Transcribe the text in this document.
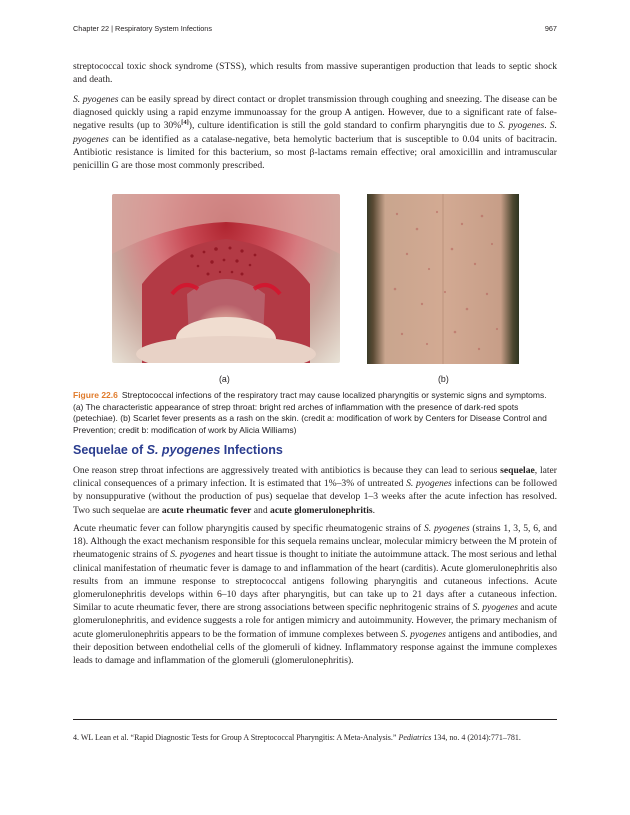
Chapter 22 | Respiratory System Infections	967

streptococcal toxic shock syndrome (STSS), which results from massive superantigen production that leads to septic shock and death.

S. pyogenes can be easily spread by direct contact or droplet transmission through coughing and sneezing. The disease can be diagnosed quickly using a rapid enzyme immunoassay for the group A antigen. However, due to a significant rate of false-negative results (up to 30%[4]), culture identification is still the gold standard to confirm pharyngitis due to S. pyogenes. S. pyogenes can be identified as a catalase-negative, beta hemolytic bacterium that is susceptible to 0.04 units of bacitracin. Antibiotic resistance is limited for this bacterium, so most β-lactams remain effective; oral amoxicillin and intramuscular penicillin G are those most commonly prescribed.

(a)	(b)

Figure 22.6 Streptococcal infections of the respiratory tract may cause localized pharyngitis or systemic signs and symptoms. (a) The characteristic appearance of strep throat: bright red arches of inflammation with the presence of dark-red spots (petechiae). (b) Scarlet fever presents as a rash on the skin. (credit a: modification of work by Centers for Disease Control and Prevention; credit b: modification of work by Alicia Williams)

Sequelae of S. pyogenes Infections

One reason strep throat infections are aggressively treated with antibiotics is because they can lead to serious sequelae, later clinical consequences of a primary infection. It is estimated that 1%–3% of untreated S. pyogenes infections can be followed by nonsuppurative (without the production of pus) sequelae that develop 1–3 weeks after the acute infection has resolved. Two such sequelae are acute rheumatic fever and acute glomerulonephritis.

Acute rheumatic fever can follow pharyngitis caused by specific rheumatogenic strains of S. pyogenes (strains 1, 3, 5, 6, and 18). Although the exact mechanism responsible for this sequela remains unclear, molecular mimicry between the M protein of rheumatogenic strains of S. pyogenes and heart tissue is thought to initiate the autoimmune attack. The most serious and lethal clinical manifestation of rheumatic fever is damage to and inflammation of the heart (carditis). Acute glomerulonephritis also results from an immune response to streptococcal antigens following pharyngitis and cutaneous infections. Acute glomerulonephritis develops within 6–10 days after pharyngitis, but can take up to 21 days after a cutaneous infection. Similar to acute rheumatic fever, there are strong associations between specific nephritogenic strains of S. pyogenes and acute glomerulonephritis, and evidence suggests a role for antigen mimicry and autoimmunity. However, the primary mechanism of acute glomerulonephritis appears to be the formation of immune complexes between S. pyogenes antigens and antibodies, and their deposition between endothelial cells of the glomeruli of kidney. Inflammatory response against the immune complexes leads to damage and inflammation of the glomeruli (glomerulonephritis).

4. WL Lean et al. “Rapid Diagnostic Tests for Group A Streptococcal Pharyngitis: A Meta-Analysis.” Pediatrics 134, no. 4 (2014):771–781.
